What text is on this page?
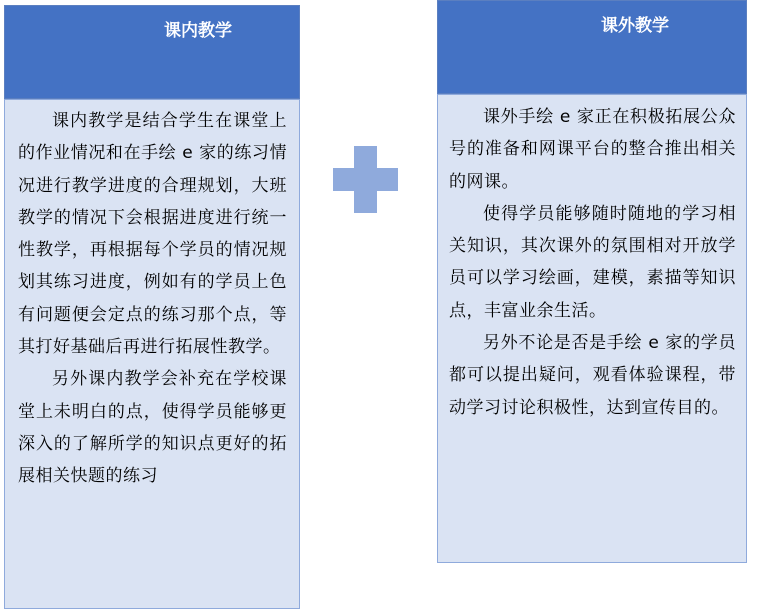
课内教学

课内教学是结合学生在课堂上的作业情况和在手绘 e 家的练习情况进行教学进度的合理规划，大班教学的情况下会根据进度进行统一性教学，再根据每个学员的情况规划其练习进度，例如有的学员上色有问题便会定点的练习那个点，等其打好基础后再进行拓展性教学。

另外课内教学会补充在学校课堂上未明白的点，使得学员能够更深入的了解所学的知识点更好的拓展相关快题的练习

课外教学

课外手绘 e 家正在积极拓展公众号的准备和网课平台的整合推出相关的网课。

使得学员能够随时随地的学习相关知识，其次课外的氛围相对开放学员可以学习绘画，建模，素描等知识点，丰富业余生活。

另外不论是否是手绘 e 家的学员都可以提出疑问，观看体验课程，带动学习讨论积极性，达到宣传目的。
